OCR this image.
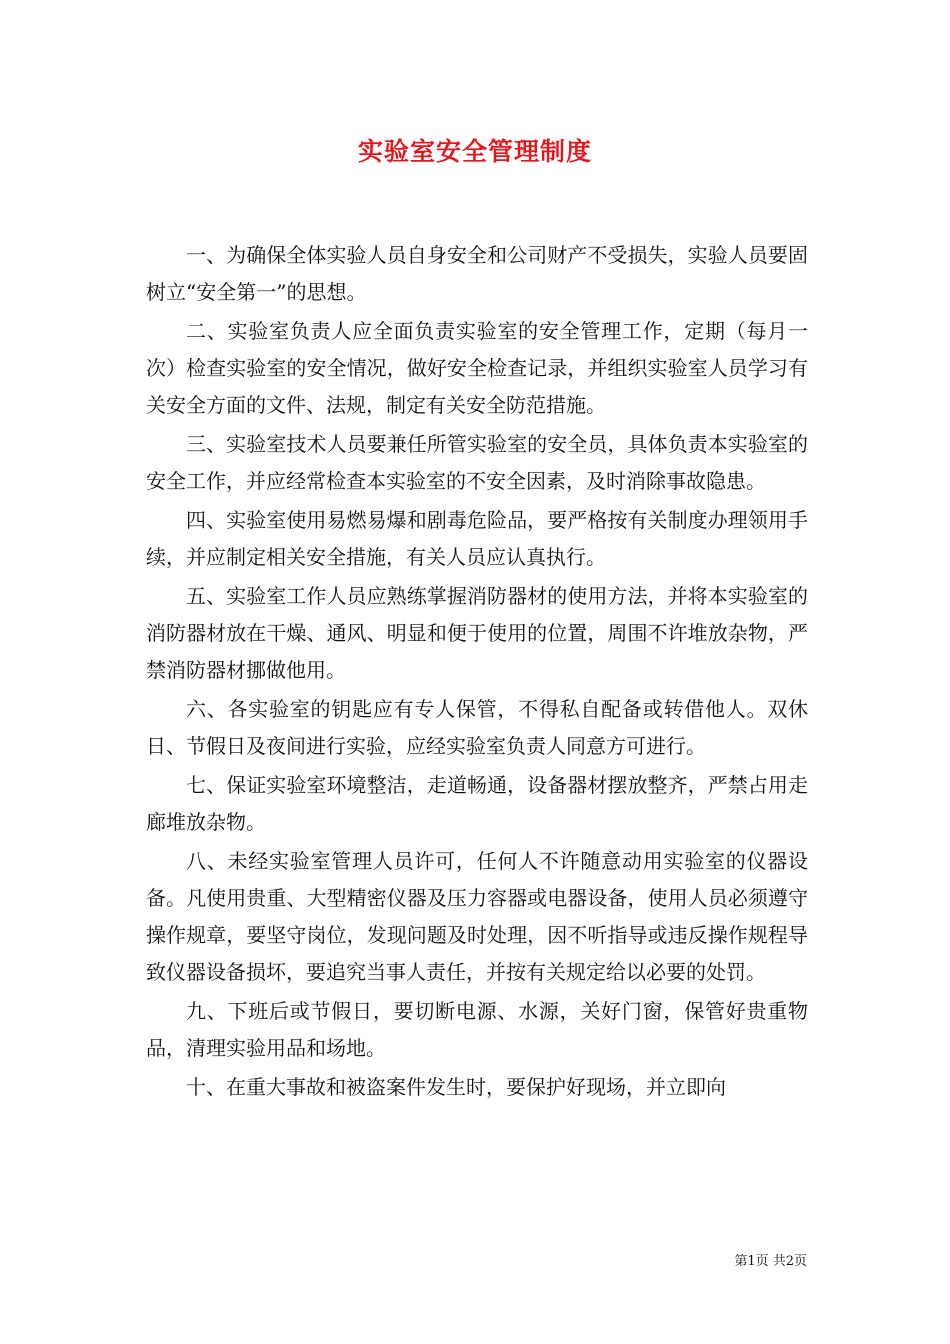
实验室安全管理制度

一、为确保全体实验人员自身安全和公司财产不受损失，实验人员要固树立“安全第一”的思想。

二、实验室负责人应全面负责实验室的安全管理工作，定期（每月一次）检查实验室的安全情况，做好安全检查记录，并组织实验室人员学习有关安全方面的文件、法规，制定有关安全防范措施。

三、实验室技术人员要兼任所管实验室的安全员，具体负责本实验室的安全工作，并应经常检查本实验室的不安全因素，及时消除事故隐患。

四、实验室使用易燃易爆和剧毒危险品，要严格按有关制度办理领用手续，并应制定相关安全措施，有关人员应认真执行。

五、实验室工作人员应熟练掌握消防器材的使用方法，并将本实验室的消防器材放在干燥、通风、明显和便于使用的位置，周围不许堆放杂物，严禁消防器材挪做他用。

六、各实验室的钥匙应有专人保管，不得私自配备或转借他人。双休日、节假日及夜间进行实验，应经实验室负责人同意方可进行。

七、保证实验室环境整洁，走道畅通，设备器材摆放整齐，严禁占用走廊堆放杂物。

八、未经实验室管理人员许可，任何人不许随意动用实验室的仪器设备。凡使用贵重、大型精密仪器及压力容器或电器设备，使用人员必须遵守操作规章，要坚守岗位，发现问题及时处理，因不听指导或违反操作规程导致仪器设备损坏，要追究当事人责任，并按有关规定给以必要的处罚。

九、下班后或节假日，要切断电源、水源，关好门窗，保管好贵重物品，清理实验用品和场地。

十、在重大事故和被盗案件发生时，要保护好现场，并立即向

第1页 共2页
